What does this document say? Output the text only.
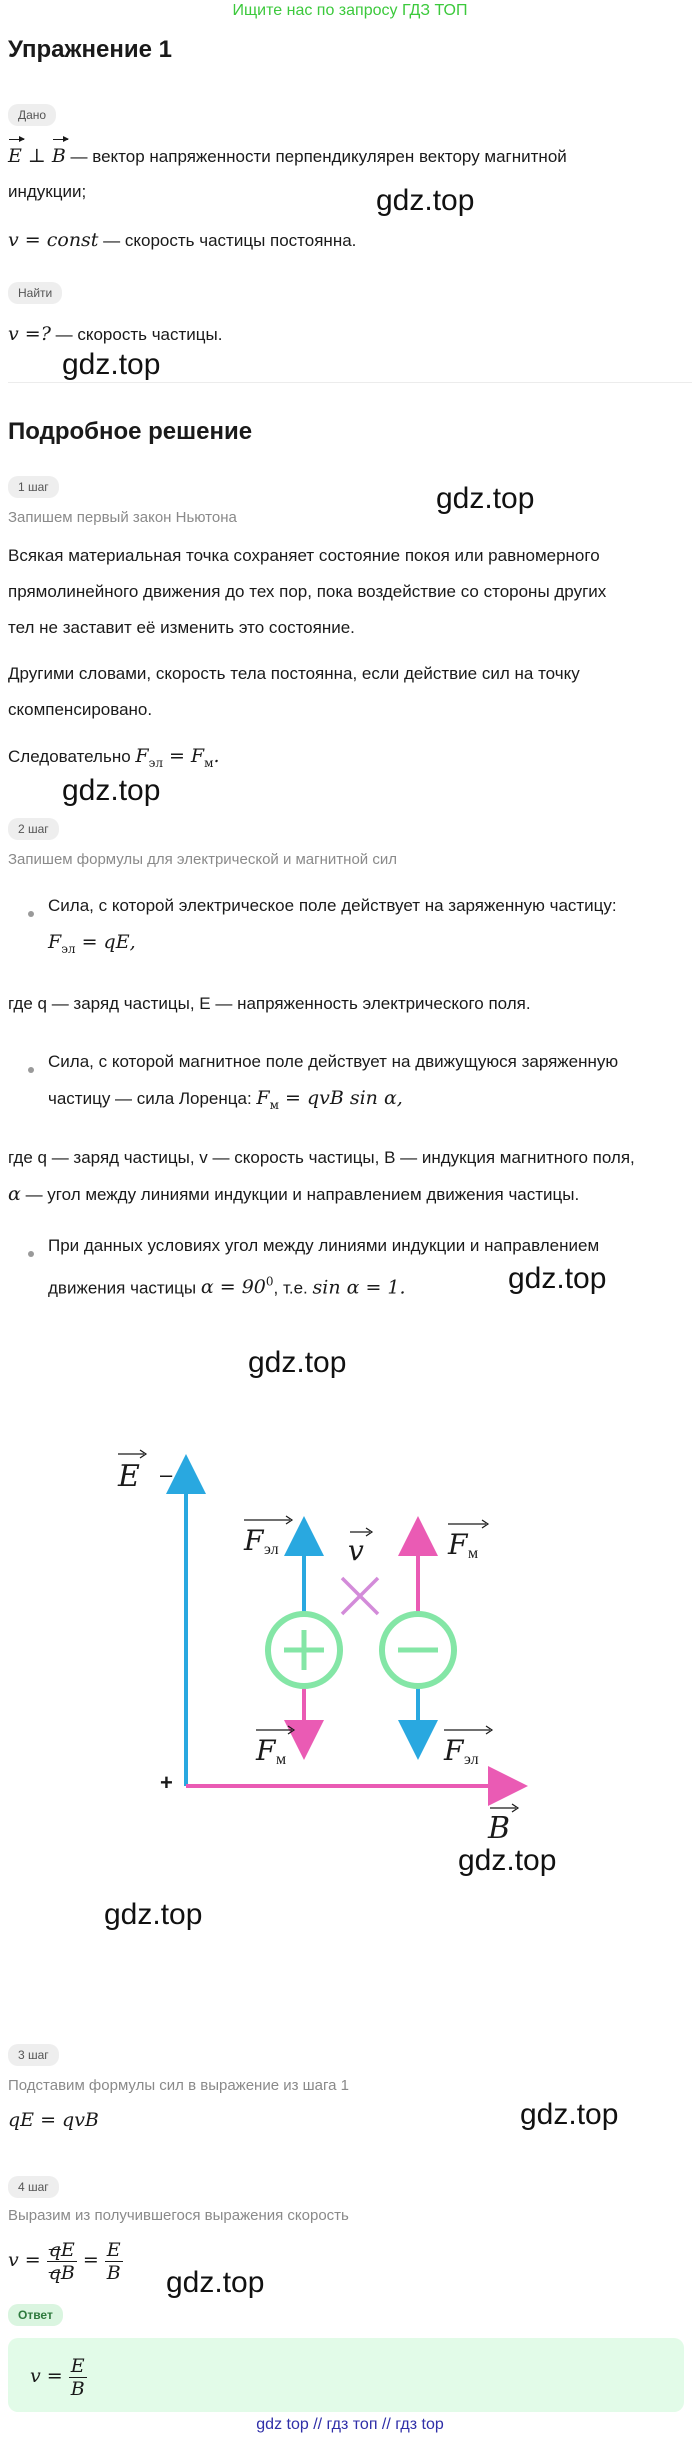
Ищите нас по запросу ГДЗ ТОП
Упражнение 1
Дано
E ⊥ B — вектор напряженности перпендикулярен вектору магнитной
индукции;
v = const — скорость частицы постоянна.
Найти
v =? — скорость частицы.
Подробное решение
1 шаг
Запишем первый закон Ньютона
Всякая материальная точка сохраняет состояние покоя или равномерного
прямолинейного движения до тех пор, пока воздействие со стороны других
тел не заставит её изменить это состояние.
Другими словами, скорость тела постоянна, если действие сил на точку
скомпенсировано.
Следовательно $F_{эл} = F_м$.
2 шаг
Запишем формулы для электрической и магнитной сил
Сила, с которой электрическое поле действует на заряженную частицу:
$F_{эл}$ = qE,
где q — заряд частицы, E — напряженность электрического поля.
Сила, с которой магнитное поле действует на движущуюся заряженную
частицу — сила Лоренца: $F_м$ = qvB sin α,
где q — заряд частицы, v — скорость частицы, B — индукция магнитного поля,
α — угол между линиями индукции и направлением движения частицы.
При данных условиях угол между линиями индукции и направлением
движения частицы $\alpha = 90^0$, т.е. sin α = 1.
E –
+
B
v
F эл	F м
F м	F эл
3 шаг
Подставим формулы сил в выражение из шага 1
qE = qvB
4 шаг
Выразим из получившегося выражения скорость
$v = \frac{qE}{qB} = \frac{E}{B}$
Ответ
$v = \frac{E}{B}$
gdz.top
gdz.top
gdz.top
gdz.top
gdz.top
gdz.top
gdz.top
gdz.top
gdz.top
gdz.top
gdz top // гдз топ // гдз top
